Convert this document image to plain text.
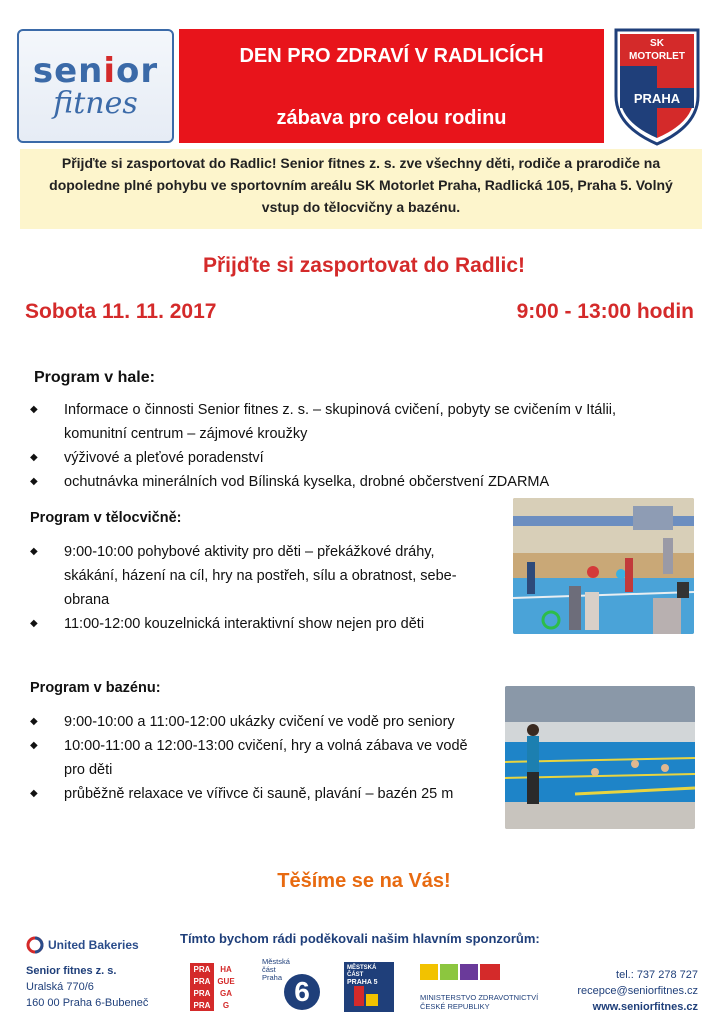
senior
fitnes
DEN PRO ZDRAVÍ V RADLICÍCH
zábava pro celou rodinu
SK
MOTORLET
PRAHA
Přijďte si zasportovat do Radlic! Senior fitnes z. s. zve všechny děti, rodiče a prarodiče na
dopoledne plné pohybu ve sportovním areálu SK Motorlet Praha, Radlická 105, Praha 5. Volný
vstup do tělocvičny a bazénu.
Přijďte si zasportovat do Radlic!
Sobota 11. 11. 2017	9:00 - 13:00 hodin
Program v hale:
◆ Informace o činnosti Senior fitnes z. s. – skupinová cvičení, pobyty se cvičením v Itálii,
komunitní centrum – zájmové kroužky
◆ výživové a pleťové poradenství
◆ ochutnávka minerálních vod Bílinská kyselka, drobné občerstvení ZDARMA
Program v tělocvičně:
◆ 9:00-10:00 pohybové aktivity pro děti – překážkové dráhy,
skákání, házení na cíl, hry na postřeh, sílu a obratnost, sebe-
obrana
◆ 11:00-12:00 kouzelnická interaktivní show nejen pro děti
Program v bazénu:
◆ 9:00-10:00 a 11:00-12:00 ukázky cvičení ve vodě pro seniory
◆ 10:00-11:00 a 12:00-13:00 cvičení, hry a volná zábava ve vodě
pro děti
◆ průběžně relaxace ve vířivce či sauně, plavání – bazén 25 m
Těšíme se na Vás!
Tímto bychom rádi poděkovali našim hlavním sponzorům:
United Bakeries
Senior fitnes z. s.
Uralská 770/6
160 00 Praha 6-Bubeneč
PRA	HA
PRA GUE
PRA	GA
PRA	G
Městská
část
Praha 6
MĚSTSKÁ ČÁST
PRAHA 5
MINISTERSTVO ZDRAVOTNICTVÍ
ČESKÉ REPUBLIKY
tel.: 737 278 727
recepce@seniorfitnes.cz
www.seniorfitnes.cz
